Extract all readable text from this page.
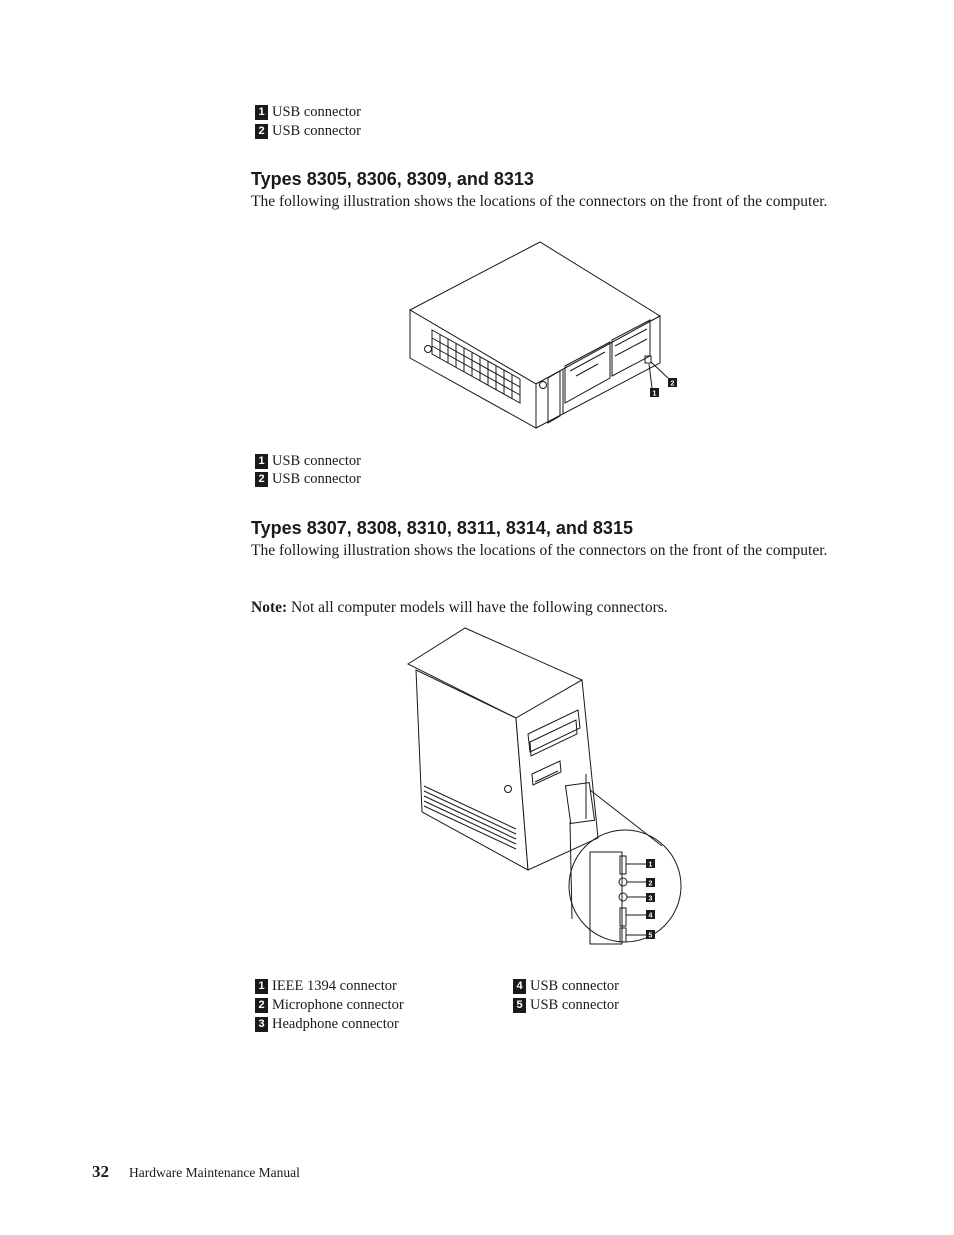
1 USB connector
2 USB connector
Types 8305, 8306, 8309, and 8313

The following illustration shows the locations of the connectors on the front of the computer.

1
2
1 USB connector
2 USB connector
Types 8307, 8308, 8310, 8311, 8314, and 8315

The following illustration shows the locations of the connectors on the front of the computer.

Note: Not all computer models will have the following connectors.

1
2
3
4
5
1 IEEE 1394 connector
2 Microphone connector
3 Headphone connector
4 USB connector
5 USB connector
32 Hardware Maintenance Manual
